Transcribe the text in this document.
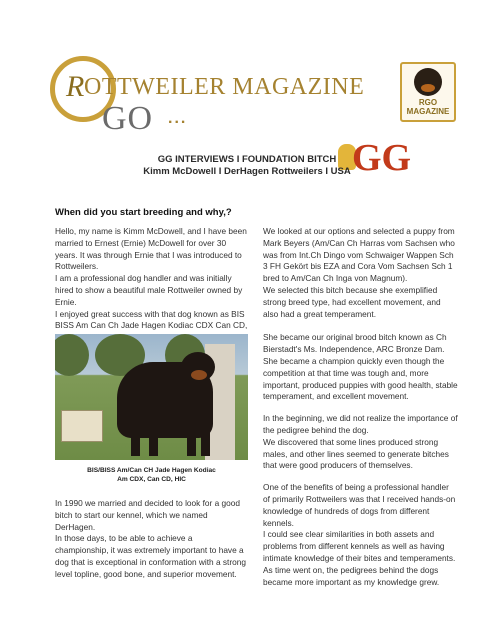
R OTTWEILER MAGAZINE
GO ...
RGO MAGAZINE
GG
GG INTERVIEWS I FOUNDATION BITCH
Kimm McDowell I DerHagen Rottweilers I USA
When did you start breeding and why,?

Hello, my name is Kimm McDowell, and I have been married to Ernest (Ernie) McDowell for over 30 years. It was through Ernie that I was introduced to Rottweilers.

I am a professional dog handler and was initially hired to show a beautiful male Rottweiler owned by Ernie.

I enjoyed great success with that dog known as BIS BISS Am Can Ch Jade Hagen Kodiac CDX Can CD,

BIS/BISS Am/Can CH Jade Hagen Kodiac
Am CDX, Can CD, HIC

In 1990 we married and decided to look for a good bitch to start our kennel, which we named DerHagen.

In those days, to be able to achieve a championship, it was extremely important to have a dog that is exceptional in conformation with a strong level topline, good bone, and superior movement.

We looked at our options and selected a puppy from Mark Beyers (Am/Can Ch Harras vom Sachsen who was from Int.Ch Dingo vom Schwaiger Wappen Sch 3 FH Gekört bis EZA and Cora Vom Sachsen Sch 1 bred to Am/Can Ch Inga von Magnum).

We selected this bitch because she exemplified strong breed type, had excellent movement, and also had a great temperament.

She became our original brood bitch known as Ch Bierstadt's Ms. Independence, ARC Bronze Dam.

She became a champion quickly even though the competition at that time was tough and, more important, produced puppies with good health, stable temperament, and excellent movement.

In the beginning, we did not realize the importance of the pedigree behind the dog.

We discovered that some lines produced strong males, and other lines seemed to generate bitches that were good producers of themselves.

One of the benefits of being a professional handler of primarily Rottweilers was that I received hands-on knowledge of hundreds of dogs from different kennels.

I could see clear similarities in both assets and problems from different kennels as well as having intimate knowledge of their bites and temperaments.

As time went on, the pedigrees behind the dogs became more important as my knowledge grew.
